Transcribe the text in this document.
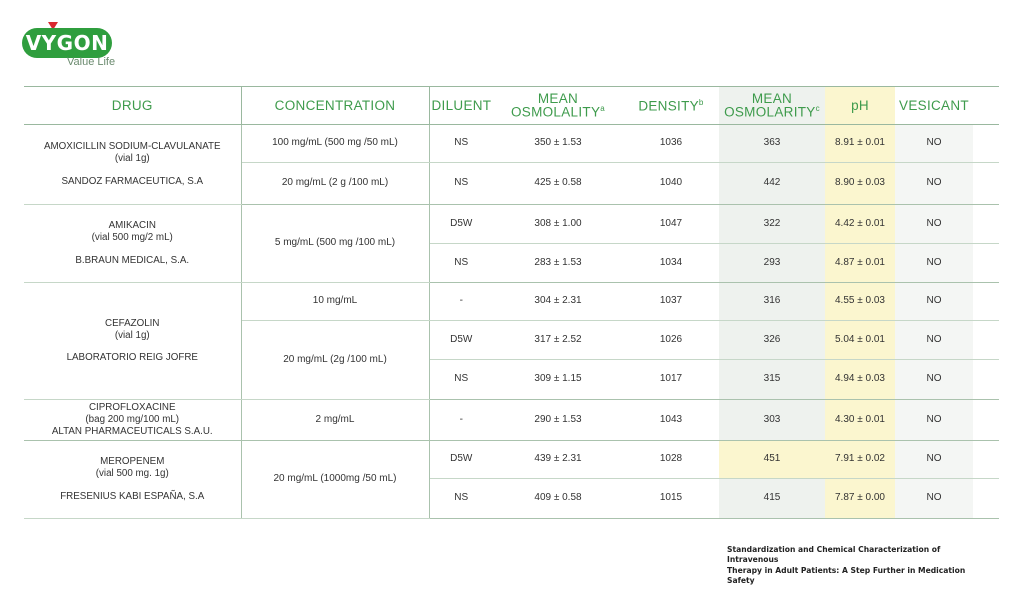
VYGON
Value Life
DRUG	CONCENTRATION	DILUENT	MEAN OSMOLALITY$^a$	DENSITY$^b$	MEAN OSMOLARITY$^c$	pH	VESICANT	

AMOXICILLIN SODIUM-CLAVULANATE
(vial 1g)
SANDOZ FARMACEUTICA, S.A	100 mg/mL (500 mg /50 mL)	NS	350 ± 1.53	1036	363	8.91 ± 0.01	NO	
	20 mg/mL (2 g /100 mL)	NS	425 ± 0.58	1040	442	8.90 ± 0.03	NO	

AMIKACIN
(vial 500 mg/2 mL)
B.BRAUN MEDICAL, S.A.	5 mg/mL (500 mg /100 mL)	D5W	308 ± 1.00	1047	322	4.42 ± 0.01	NO	
		NS	283 ± 1.53	1034	293	4.87 ± 0.01	NO	

CEFAZOLIN
(vial 1g)
LABORATORIO REIG JOFRE	10 mg/mL	-	304 ± 2.31	1037	316	4.55 ± 0.03	NO	
	20 mg/mL (2g /100 mL)	D5W	317 ± 2.52	1026	326	5.04 ± 0.01	NO	
		NS	309 ± 1.15	1017	315	4.94 ± 0.03	NO	

CIPROFLOXACINE
(bag 200 mg/100 mL)
ALTAN PHARMACEUTICALS S.A.U.	2 mg/mL	-	290 ± 1.53	1043	303	4.30 ± 0.01	NO	

MEROPENEM
(vial 500 mg. 1g)
FRESENIUS KABI ESPAÑA, S.A	20 mg/mL (1000mg /50 mL)	D5W	439 ± 2.31	1028	451	7.91 ± 0.02	NO	
		NS	409 ± 0.58	1015	415	7.87 ± 0.00	NO	
Standardization and Chemical Characterization of Intravenous
Therapy in Adult Patients: A Step Further in Medication Safety
